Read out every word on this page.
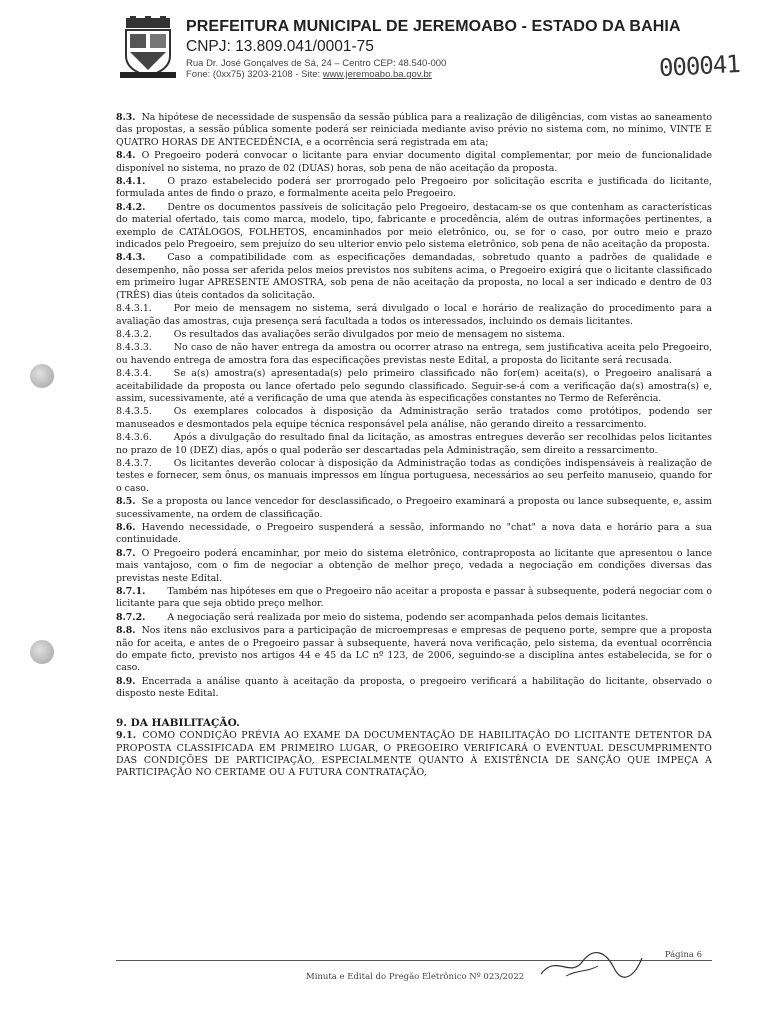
PREFEITURA MUNICIPAL DE JEREMOABO - ESTADO DA BAHIA
CNPJ: 13.809.041/0001-75
Rua Dr. José Gonçalves de Sá, 24 – Centro CEP: 48.540-000
Fone: (0xx75) 3203-2108 - Site: www.jeremoabo.ba.gov.br	000041

8.3. Na hipótese de necessidade de suspensão da sessão pública para a realização de diligências, com vistas ao saneamento das propostas, a sessão pública somente poderá ser reiniciada mediante aviso prévio no sistema com, no mínimo, VINTE E QUATRO HORAS DE ANTECEDÊNCIA, e a ocorrência será registrada em ata;

8.4. O Pregoeiro poderá convocar o licitante para enviar documento digital complementar, por meio de funcionalidade disponível no sistema, no prazo de 02 (DUAS) horas, sob pena de não aceitação da proposta.

8.4.1. O prazo estabelecido poderá ser prorrogado pelo Pregoeiro por solicitação escrita e justificada do licitante, formulada antes de findo o prazo, e formalmente aceita pelo Pregoeiro.

8.4.2. Dentre os documentos passíveis de solicitação pelo Pregoeiro, destacam-se os que contenham as características do material ofertado, tais como marca, modelo, tipo, fabricante e procedência, além de outras informações pertinentes, a exemplo de CATÁLOGOS, FOLHETOS, encaminhados por meio eletrônico, ou, se for o caso, por outro meio e prazo indicados pelo Pregoeiro, sem prejuízo do seu ulterior envio pelo sistema eletrônico, sob pena de não aceitação da proposta.

8.4.3. Caso a compatibilidade com as especificações demandadas, sobretudo quanto a padrões de qualidade e desempenho, não possa ser aferida pelos meios previstos nos subitens acima, o Pregoeiro exigirá que o licitante classificado em primeiro lugar APRESENTE AMOSTRA, sob pena de não aceitação da proposta, no local a ser indicado e dentro de 03 (TRÊS) dias úteis contados da solicitação.

8.4.3.1. Por meio de mensagem no sistema, será divulgado o local e horário de realização do procedimento para a avaliação das amostras, cuja presença será facultada a todos os interessados, incluindo os demais licitantes.

8.4.3.2. Os resultados das avaliações serão divulgados por meio de mensagem no sistema.

8.4.3.3. No caso de não haver entrega da amostra ou ocorrer atraso na entrega, sem justificativa aceita pelo Pregoeiro, ou havendo entrega de amostra fora das especificações previstas neste Edital, a proposta do licitante será recusada.

8.4.3.4. Se a(s) amostra(s) apresentada(s) pelo primeiro classificado não for(em) aceita(s), o Pregoeiro analisará a aceitabilidade da proposta ou lance ofertado pelo segundo classificado. Seguir-se-á com a verificação da(s) amostra(s) e, assim, sucessivamente, até a verificação de uma que atenda às especificações constantes no Termo de Referência.

8.4.3.5. Os exemplares colocados à disposição da Administração serão tratados como protótipos, podendo ser manuseados e desmontados pela equipe técnica responsável pela análise, não gerando direito a ressarcimento.

8.4.3.6. Após a divulgação do resultado final da licitação, as amostras entregues deverão ser recolhidas pelos licitantes no prazo de 10 (DEZ) dias, após o qual poderão ser descartadas pela Administração, sem direito a ressarcimento.

8.4.3.7. Os licitantes deverão colocar à disposição da Administração todas as condições indispensáveis à realização de testes e fornecer, sem ônus, os manuais impressos em língua portuguesa, necessários ao seu perfeito manuseio, quando for o caso.

8.5. Se a proposta ou lance vencedor for desclassificado, o Pregoeiro examinará a proposta ou lance subsequente, e, assim sucessivamente, na ordem de classificação.

8.6. Havendo necessidade, o Pregoeiro suspenderá a sessão, informando no "chat" a nova data e horário para a sua continuidade.

8.7. O Pregoeiro poderá encaminhar, por meio do sistema eletrônico, contraproposta ao licitante que apresentou o lance mais vantajoso, com o fim de negociar a obtenção de melhor preço, vedada a negociação em condições diversas das previstas neste Edital.

8.7.1. Também nas hipóteses em que o Pregoeiro não aceitar a proposta e passar à subsequente, poderá negociar com o licitante para que seja obtido preço melhor.

8.7.2. A negociação será realizada por meio do sistema, podendo ser acompanhada pelos demais licitantes.

8.8. Nos itens não exclusivos para a participação de microempresas e empresas de pequeno porte, sempre que a proposta não for aceita, e antes de o Pregoeiro passar à subsequente, haverá nova verificação, pelo sistema, da eventual ocorrência do empate ficto, previsto nos artigos 44 e 45 da LC nº 123, de 2006, seguindo-se a disciplina antes estabelecida, se for o caso.

8.9. Encerrada a análise quanto à aceitação da proposta, o pregoeiro verificará a habilitação do licitante, observado o disposto neste Edital.

9. DA HABILITAÇÃO.

9.1. COMO CONDIÇÃO PRÉVIA AO EXAME DA DOCUMENTAÇÃO DE HABILITAÇÃO DO LICITANTE DETENTOR DA PROPOSTA CLASSIFICADA EM PRIMEIRO LUGAR, O PREGOEIRO VERIFICARÁ O EVENTUAL DESCUMPRIMENTO DAS CONDIÇÕES DE PARTICIPAÇÃO, ESPECIALMENTE QUANTO À EXISTÊNCIA DE SANÇÃO QUE IMPEÇA A PARTICIPAÇÃO NO CERTAME OU A FUTURA CONTRATAÇÃO,

Página 6
Minuta e Edital do Pregão Eletrônico Nº 023/2022
